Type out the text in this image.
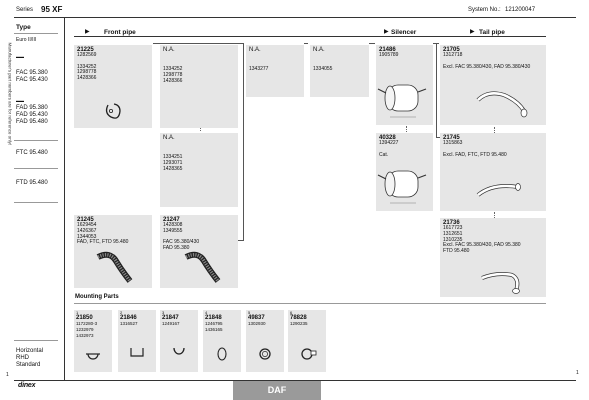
Series 95 XF	System No.: 121200047
Manufacturer's part numbers are for reference only!
Type
Euro II/III
▬▬
FAC 95.380
FAC 95.430
▬▬
FAD 95.380
FAD 95.430
FAD 95.480
FTC 95.480
FTD 95.480
Horizontal
RHD
Standard
Front pipe	Silencer	Tail pipe
▶	▶	▶
21225
1282569

1334252
1298778
1428366
N.A.
1334252
1298778
1428366
N.A.
1343277
N.A.
1334055
N.A.
1334251
1293071
1428365
21486
1905789
40328
1394227

Cat.
21705
1312718

Excl. FAC 95.380/430, FAD 95.380/430
21745
1315863

Excl. FAD, FTC, FTD 95.480
21736
1617723
1312651
1310235
Excl. FAC 95.380/430, FAD 95.380
FTD 95.480
21245
1629454
1426367
1344053
FAD, FTC, FTD 95.480
21247
1428308
1349555

FAC 95.380/430
FAD 95.380
Mounting Parts
1
21850
1172280-3
1232979
1432973
2
21846
1316527
3
21847
1249167
4
21848
1246795
1436165
5
49837
1302930
6
78828
1290235
1	1
dinex	DAF
